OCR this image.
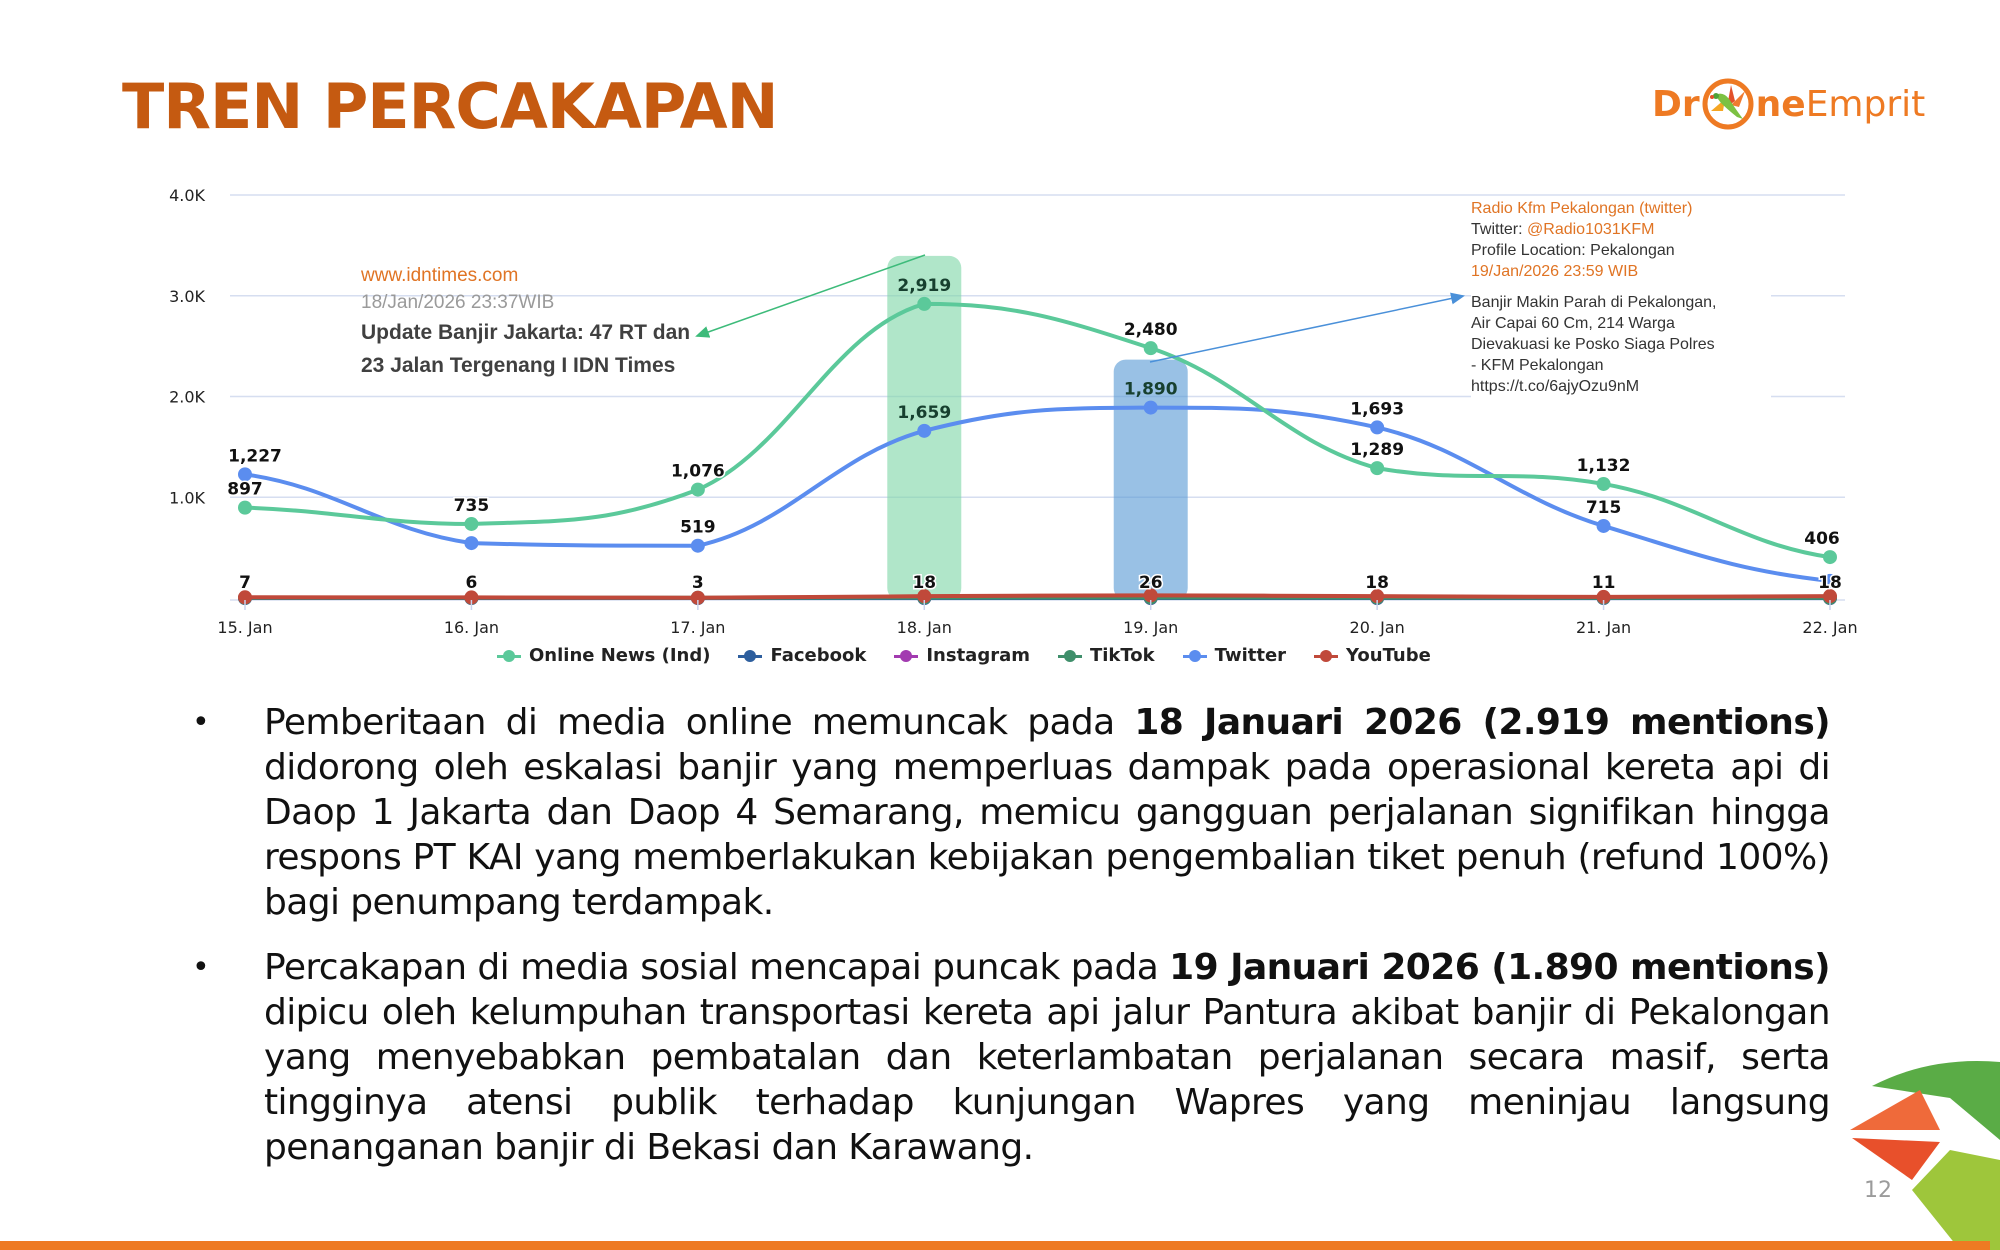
TREN PERCAKAPAN	Dr ne Emprit
897
735
1,076
2,919
2,480
1,289
1,132
406
1,227
519
1,659
1,890
1,693
715
7	6	3	18	26	18	11	18
1.0K
2.0K
3.0K
4.0K
15. Jan	16. Jan	17. Jan	18. Jan	19. Jan	20. Jan	21. Jan	22. Jan
www.idntimes.com
18/Jan/2026 23:37WIB
Update Banjir Jakarta: 47 RT dan 23 Jalan Tergenang I IDN Times
Radio Kfm Pekalongan (twitter)
Twitter: @Radio1031KFM
Profile Location: Pekalongan
19/Jan/2026 23:59 WIB
Banjir Makin Parah di Pekalongan,
Air Capai 60 Cm, 214 Warga
Dievakuasi ke Posko Siaga Polres
- KFM Pekalongan
https://t.co/6ajyOzu9nM
Online News (Ind)	Facebook	Instagram	TikTok	Twitter	YouTube
•	Pemberitaan di media online memuncak pada 18 Januari 2026 (2.919 mentions) didorong oleh eskalasi banjir yang memperluas dampak pada operasional kereta api di Daop 1 Jakarta dan Daop 4 Semarang, memicu gangguan perjalanan signifikan hingga respons PT KAI yang memberlakukan kebijakan pengembalian tiket penuh (refund 100%) bagi penumpang terdampak.
•	Percakapan di media sosial mencapai puncak pada 19 Januari 2026 (1.890 mentions) dipicu oleh kelumpuhan transportasi kereta api jalur Pantura akibat banjir di Pekalongan yang menyebabkan pembatalan dan keterlambatan perjalanan secara masif, serta tingginya atensi publik terhadap kunjungan Wapres yang meninjau langsung penanganan banjir di Bekasi dan Karawang.
12
